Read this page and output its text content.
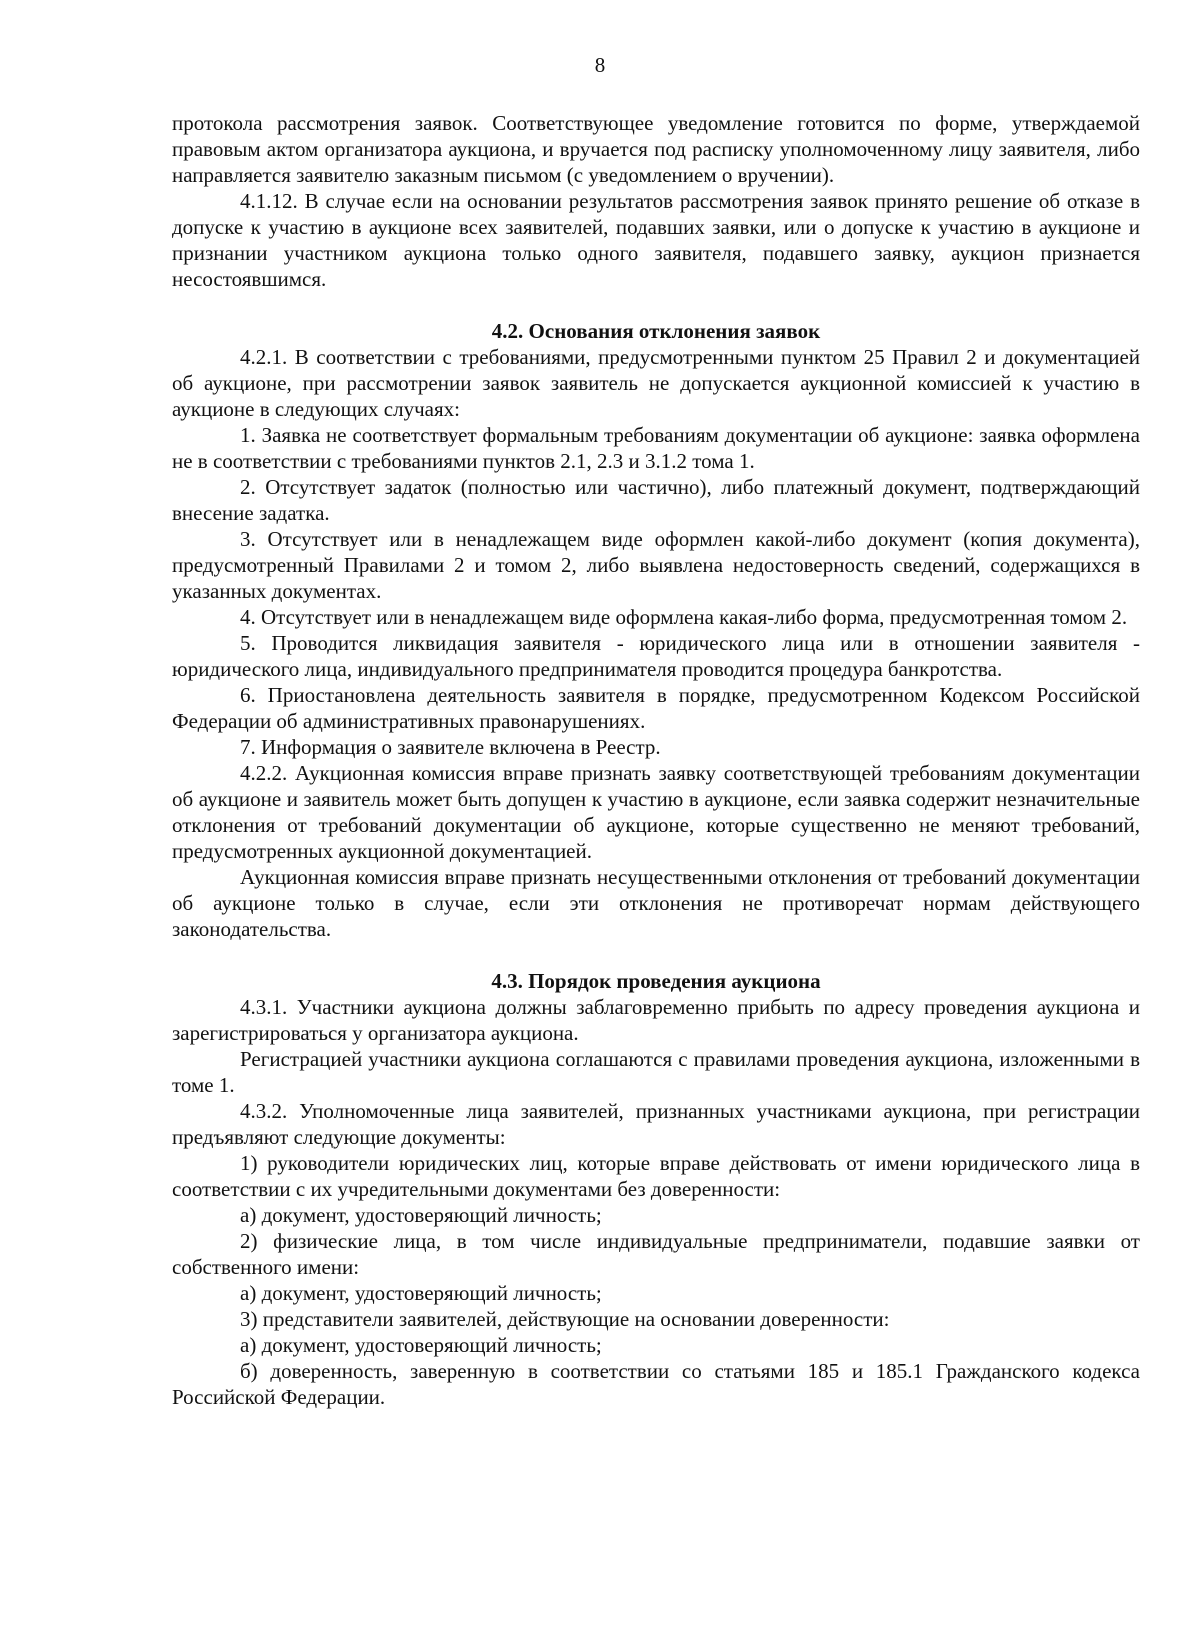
8

протокола рассмотрения заявок. Соответствующее уведомление готовится по форме, утверждаемой правовым актом организатора аукциона, и вручается под расписку уполномоченному лицу заявителя, либо направляется заявителю заказным письмом (с уведомлением о вручении).

4.1.12. В случае если на основании результатов рассмотрения заявок принято решение об отказе в допуске к участию в аукционе всех заявителей, подавших заявки, или о допуске к участию в аукционе и признании участником аукциона только одного заявителя, подавшего заявку, аукцион признается несостоявшимся.

4.2. Основания отклонения заявок

4.2.1. В соответствии с требованиями, предусмотренными пунктом 25 Правил 2 и документацией об аукционе, при рассмотрении заявок заявитель не допускается аукционной комиссией к участию в аукционе в следующих случаях:

1. Заявка не соответствует формальным требованиям документации об аукционе: заявка оформлена не в соответствии с требованиями пунктов 2.1, 2.3 и 3.1.2 тома 1.

2. Отсутствует задаток (полностью или частично), либо платежный документ, подтверждающий внесение задатка.

3. Отсутствует или в ненадлежащем виде оформлен какой-либо документ (копия документа), предусмотренный Правилами 2 и томом 2, либо выявлена недостоверность сведений, содержащихся в указанных документах.

4. Отсутствует или в ненадлежащем виде оформлена какая-либо форма, предусмотренная томом 2.

5. Проводится ликвидация заявителя - юридического лица или в отношении заявителя - юридического лица, индивидуального предпринимателя проводится процедура банкротства.

6. Приостановлена деятельность заявителя в порядке, предусмотренном Кодексом Российской Федерации об административных правонарушениях.

7. Информация о заявителе включена в Реестр.

4.2.2. Аукционная комиссия вправе признать заявку соответствующей требованиям документации об аукционе и заявитель может быть допущен к участию в аукционе, если заявка содержит незначительные отклонения от требований документации об аукционе, которые существенно не меняют требований, предусмотренных аукционной документацией.

Аукционная комиссия вправе признать несущественными отклонения от требований документации об аукционе только в случае, если эти отклонения не противоречат нормам действующего законодательства.

4.3. Порядок проведения аукциона

4.3.1. Участники аукциона должны заблаговременно прибыть по адресу проведения аукциона и зарегистрироваться у организатора аукциона.

Регистрацией участники аукциона соглашаются с правилами проведения аукциона, изложенными в томе 1.

4.3.2. Уполномоченные лица заявителей, признанных участниками аукциона, при регистрации предъявляют следующие документы:

1) руководители юридических лиц, которые вправе действовать от имени юридического лица в соответствии с их учредительными документами без доверенности:

а) документ, удостоверяющий личность;

2) физические лица, в том числе индивидуальные предприниматели, подавшие заявки от собственного имени:

а) документ, удостоверяющий личность;

3) представители заявителей, действующие на основании доверенности:

а) документ, удостоверяющий личность;

б) доверенность, заверенную в соответствии со статьями 185 и 185.1 Гражданского кодекса Российской Федерации.
